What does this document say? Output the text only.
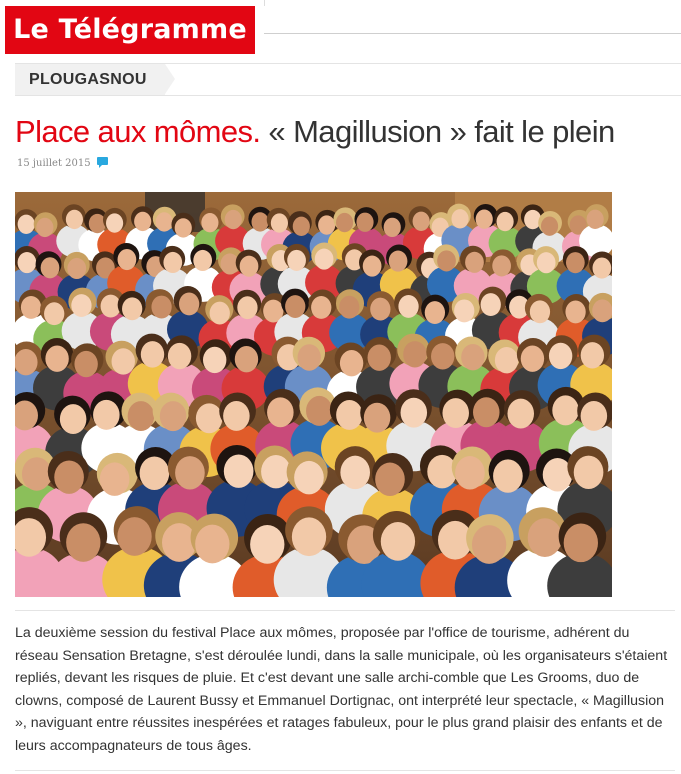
Le Télégramme
PLOUGASNOU
Place aux mômes. « Magillusion » fait le plein
15 juillet 2015

La deuxième session du festival Place aux mômes, proposée par l'office de tourisme, adhérent du réseau Sensation Bretagne, s'est déroulée lundi, dans la salle municipale, où les organisateurs s'étaient repliés, devant les risques de pluie. Et c'est devant une salle archi-comble que Les Grooms, duo de clowns, composé de Laurent Bussy et Emmanuel Dortignac, ont interprété leur spectacle, « Magillusion », naviguant entre réussites inespérées et ratages fabuleux, pour le plus grand plaisir des enfants et de leurs accompagnateurs de tous âges.
